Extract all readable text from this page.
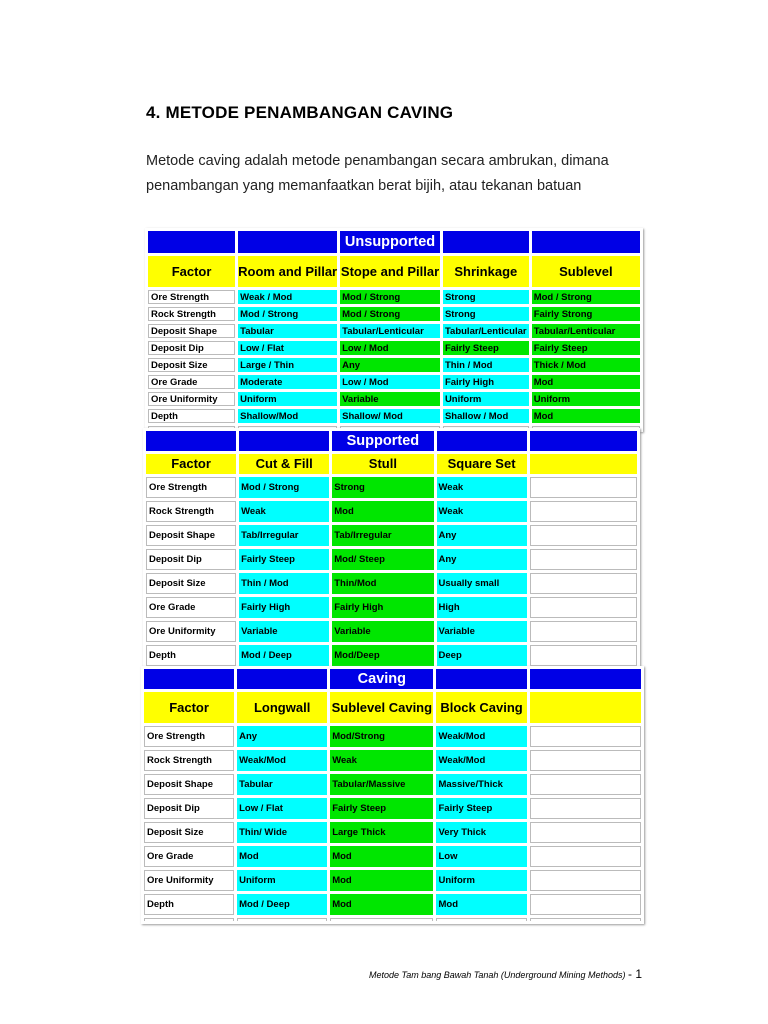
4. METODE PENAMBANGAN CAVING
Metode caving adalah metode penambangan secara ambrukan, dimana
penambangan yang memanfaatkan berat bijih, atau tekanan batuan
		Unsupported		
Factor	Room and Pillar	Stope and Pillar	Shrinkage	Sublevel
Ore Strength	Weak / Mod	Mod / Strong	Strong	Mod / Strong
Rock Strength	Mod / Strong	Mod / Strong	Strong	Fairly Strong
Deposit Shape	Tabular	Tabular/Lenticular	Tabular/Lenticular	Tabular/Lenticular
Deposit Dip	Low / Flat	Low / Mod	Fairly Steep	Fairly Steep
Deposit Size	Large / Thin	Any	Thin / Mod	Thick / Mod
Ore Grade	Moderate	Low / Mod	Fairly High	Mod
Ore Uniformity	Uniform	Variable	Uniform	Uniform
Depth	Shallow/Mod	Shallow/ Mod	Shallow / Mod	Mod

		Supported		
Factor	Cut & Fill	Stull	Square Set	
Ore Strength	Mod / Strong	Strong	Weak	
Rock Strength	Weak	Mod	Weak	
Deposit Shape	Tab/Irregular	Tab/Irregular	Any	
Deposit Dip	Fairly Steep	Mod/ Steep	Any	
Deposit Size	Thin / Mod	Thin/Mod	Usually small	
Ore Grade	Fairly High	Fairly High	High	
Ore Uniformity	Variable	Variable	Variable	
Depth	Mod / Deep	Mod/Deep	Deep	

		Caving		
Factor	Longwall	Sublevel Caving	Block Caving	
Ore Strength	Any	Mod/Strong	Weak/Mod	
Rock Strength	Weak/Mod	Weak	Weak/Mod	
Deposit Shape	Tabular	Tabular/Massive	Massive/Thick	
Deposit Dip	Low / Flat	Fairly Steep	Fairly Steep	
Deposit Size	Thin/ Wide	Large Thick	Very Thick	
Ore Grade	Mod	Mod	Low	
Ore Uniformity	Uniform	Mod	Uniform	
Depth	Mod / Deep	Mod	Mod	

Metode Tam bang Bawah Tanah (Underground Mining Methods) - 1
